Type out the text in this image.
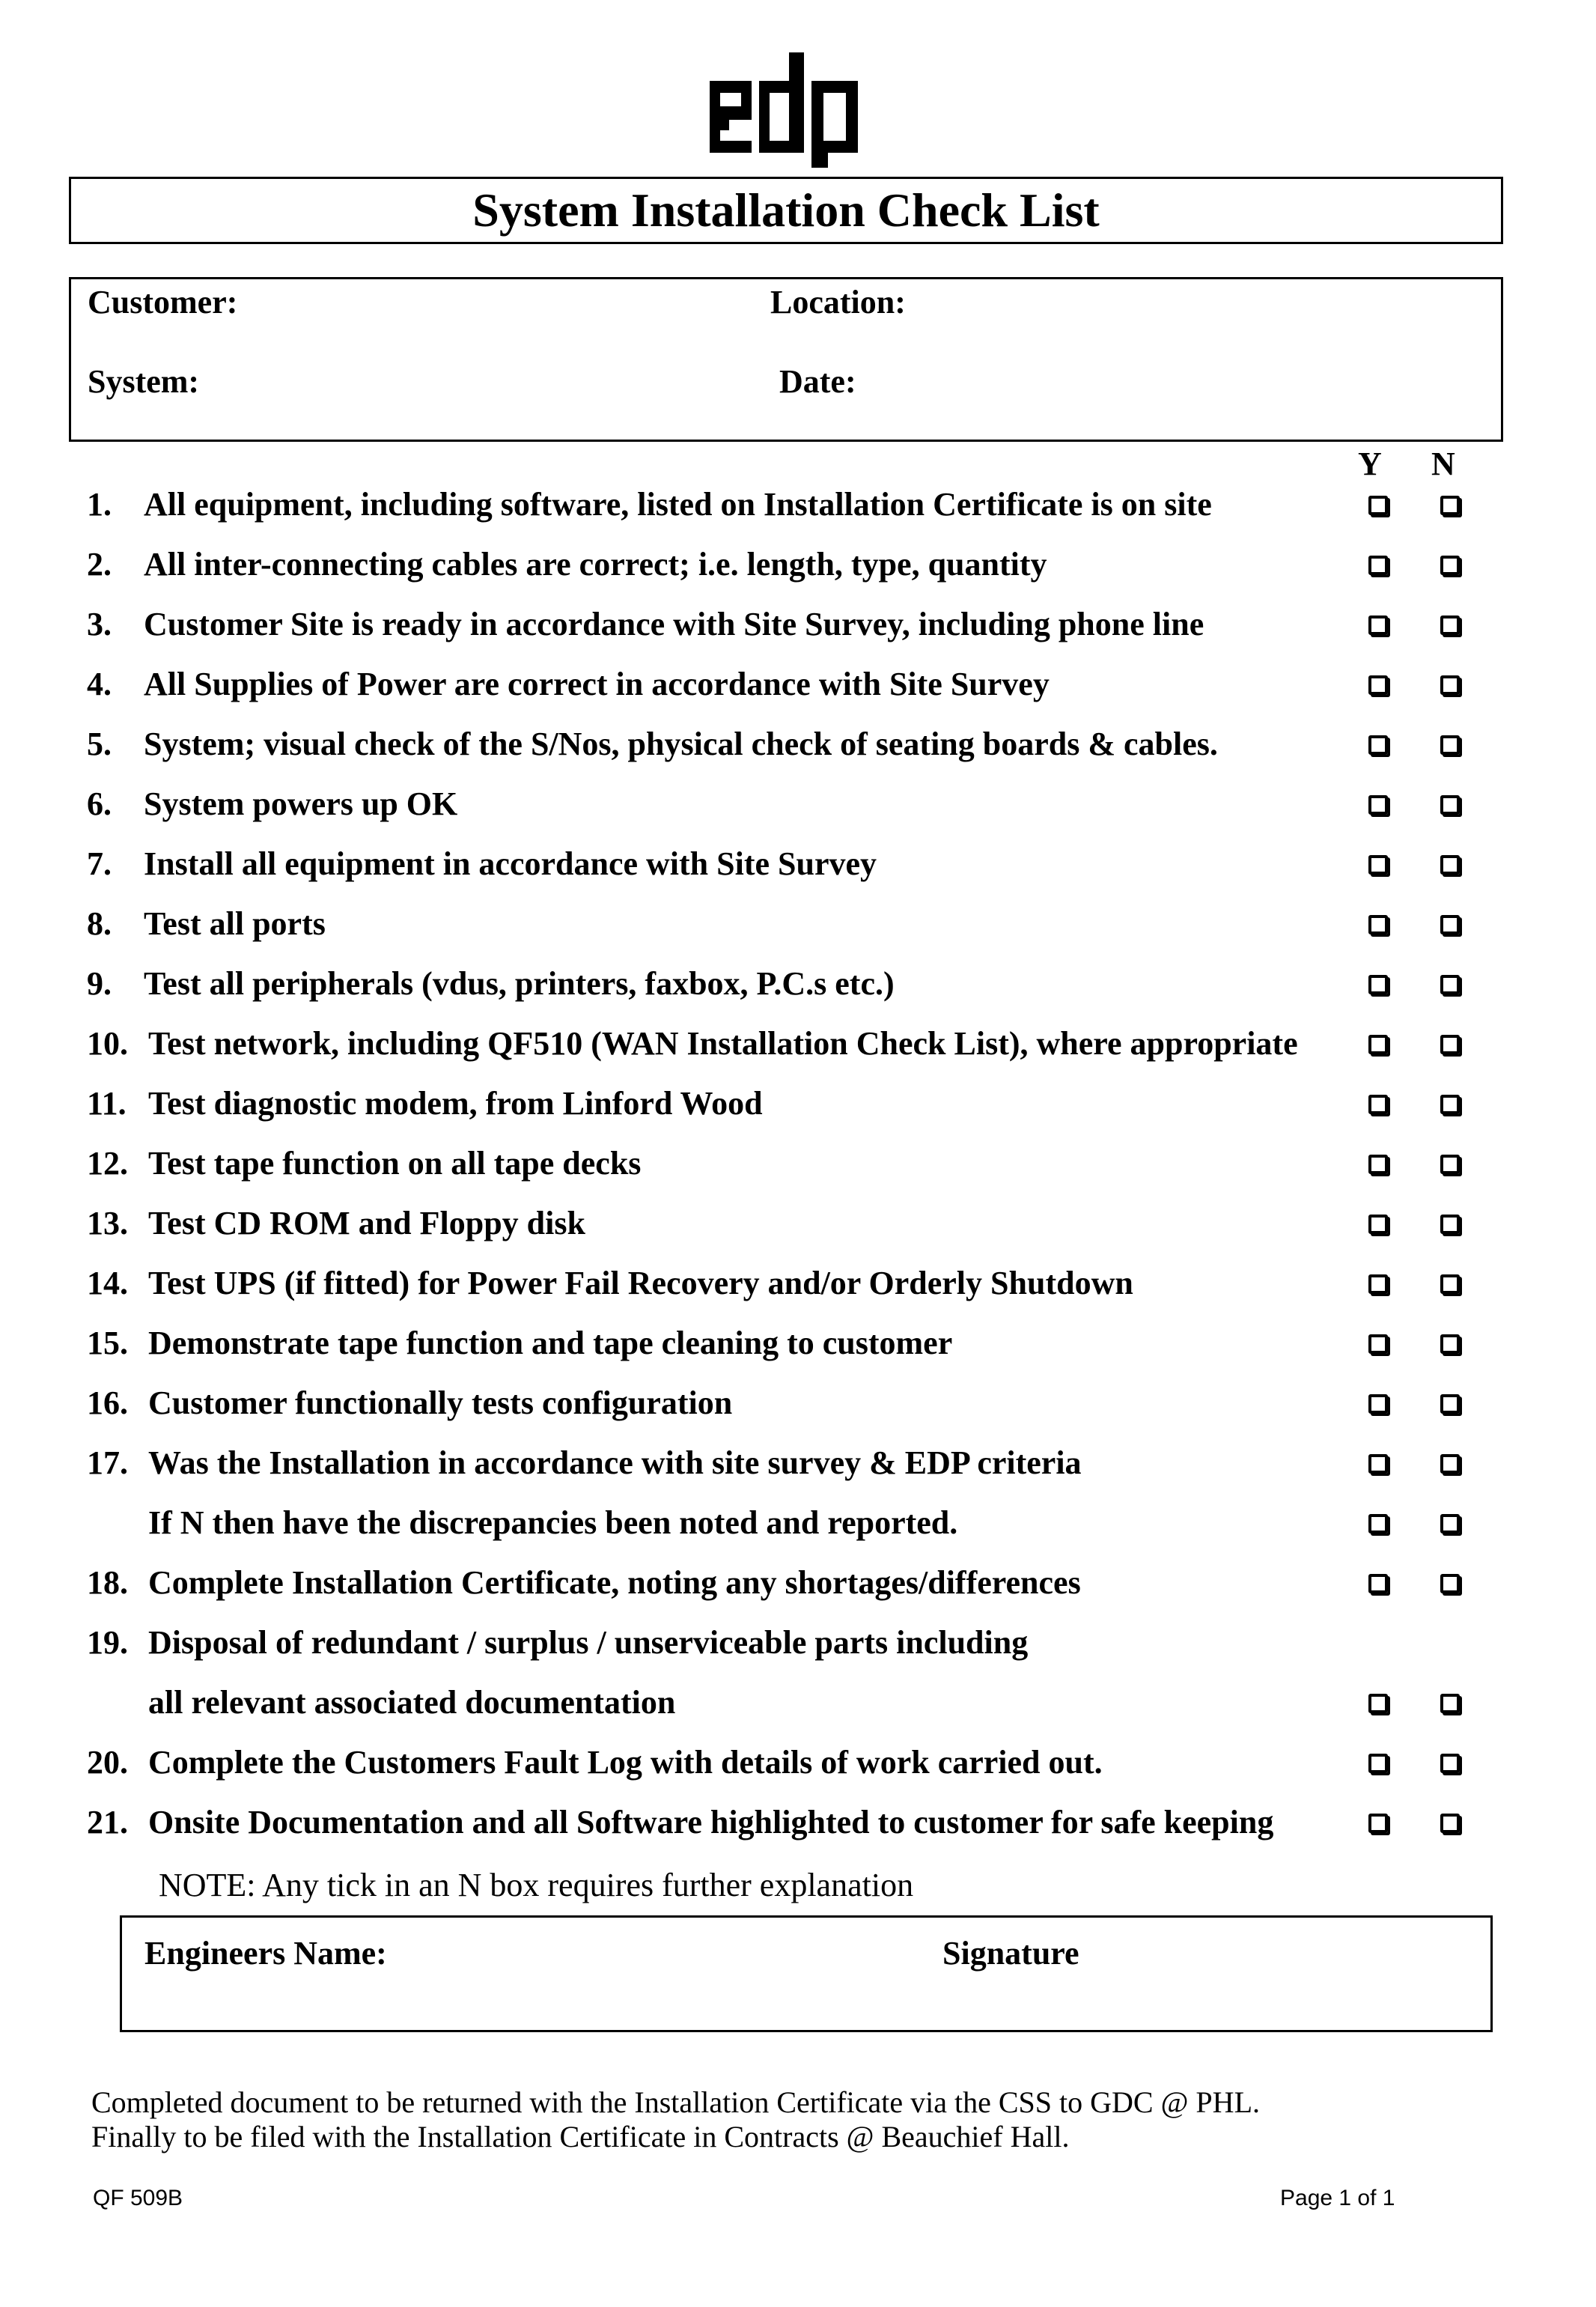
System Installation Check List
Customer:	Location:
System:	Date:
Y N
1. All equipment, including software, listed on Installation Certificate is on site
2. All inter-connecting cables are correct; i.e. length, type, quantity
3. Customer Site is ready in accordance with Site Survey, including phone line
4. All Supplies of Power are correct in accordance with Site Survey
5. System; visual check of the S/Nos, physical check of seating boards & cables.
6. System powers up OK
7. Install all equipment in accordance with Site Survey
8. Test all ports
9. Test all peripherals (vdus, printers, faxbox, P.C.s etc.)
10. Test network, including QF510 (WAN Installation Check List), where appropriate
11. Test diagnostic modem, from Linford Wood
12. Test tape function on all tape decks
13. Test CD ROM and Floppy disk
14. Test UPS (if fitted) for Power Fail Recovery and/or Orderly Shutdown
15. Demonstrate tape function and tape cleaning to customer
16. Customer functionally tests configuration
17. Was the Installation in accordance with site survey & EDP criteria
If N then have the discrepancies been noted and reported.
18. Complete Installation Certificate, noting any shortages/differences
19. Disposal of redundant / surplus / unserviceable parts including
all relevant associated documentation
20. Complete the Customers Fault Log with details of work carried out.
21. Onsite Documentation and all Software highlighted to customer for safe keeping
NOTE: Any tick in an N box requires further explanation
Engineers Name:	Signature
Completed document to be returned with the Installation Certificate via the CSS to GDC @ PHL.
Finally to be filed with the Installation Certificate in Contracts @ Beauchief Hall.
QF 509B	Page 1 of 1
